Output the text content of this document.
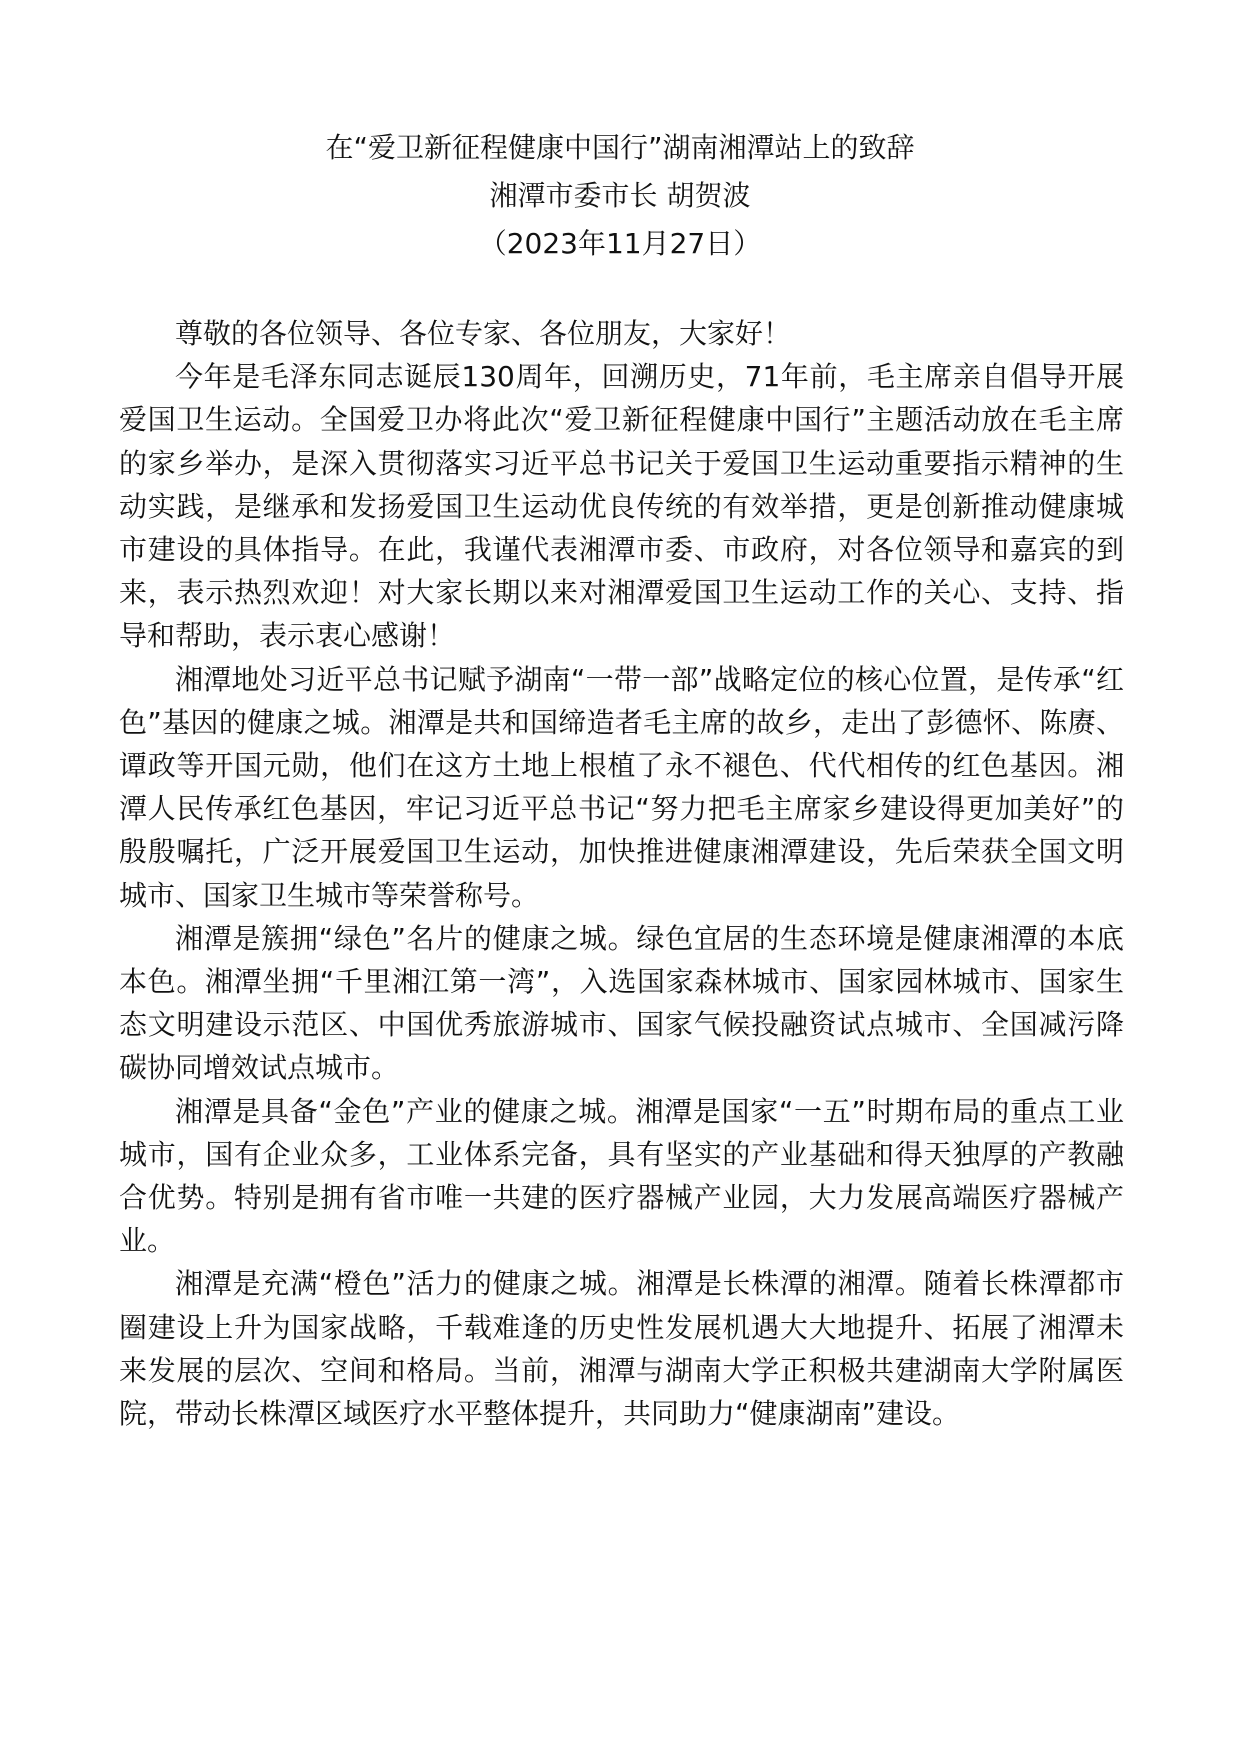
在“爱卫新征程健康中国行”湖南湘潭站上的致辞
湘潭市委市长 胡贺波
（2023年11月27日）

尊敬的各位领导、各位专家、各位朋友，大家好！

今年是毛泽东同志诞辰130周年，回溯历史，71年前，毛主席亲自倡导开展爱国卫生运动。全国爱卫办将此次“爱卫新征程健康中国行”主题活动放在毛主席的家乡举办，是深入贯彻落实习近平总书记关于爱国卫生运动重要指示精神的生动实践，是继承和发扬爱国卫生运动优良传统的有效举措，更是创新推动健康城市建设的具体指导。在此，我谨代表湘潭市委、市政府，对各位领导和嘉宾的到来，表示热烈欢迎！对大家长期以来对湘潭爱国卫生运动工作的关心、支持、指导和帮助，表示衷心感谢！

湘潭地处习近平总书记赋予湖南“一带一部”战略定位的核心位置，是传承“红色”基因的健康之城。湘潭是共和国缔造者毛主席的故乡，走出了彭德怀、陈赓、谭政等开国元勋，他们在这方土地上根植了永不褪色、代代相传的红色基因。湘潭人民传承红色基因，牢记习近平总书记“努力把毛主席家乡建设得更加美好”的殷殷嘱托，广泛开展爱国卫生运动，加快推进健康湘潭建设，先后荣获全国文明城市、国家卫生城市等荣誉称号。

湘潭是簇拥“绿色”名片的健康之城。绿色宜居的生态环境是健康湘潭的本底本色。湘潭坐拥“千里湘江第一湾”，入选国家森林城市、国家园林城市、国家生态文明建设示范区、中国优秀旅游城市、国家气候投融资试点城市、全国减污降碳协同增效试点城市。

湘潭是具备“金色”产业的健康之城。湘潭是国家“一五”时期布局的重点工业城市，国有企业众多，工业体系完备，具有坚实的产业基础和得天独厚的产教融合优势。特别是拥有省市唯一共建的医疗器械产业园，大力发展高端医疗器械产业。

湘潭是充满“橙色”活力的健康之城。湘潭是长株潭的湘潭。随着长株潭都市圈建设上升为国家战略，千载难逢的历史性发展机遇大大地提升、拓展了湘潭未来发展的层次、空间和格局。当前，湘潭与湖南大学正积极共建湖南大学附属医院，带动长株潭区域医疗水平整体提升，共同助力“健康湖南”建设。
